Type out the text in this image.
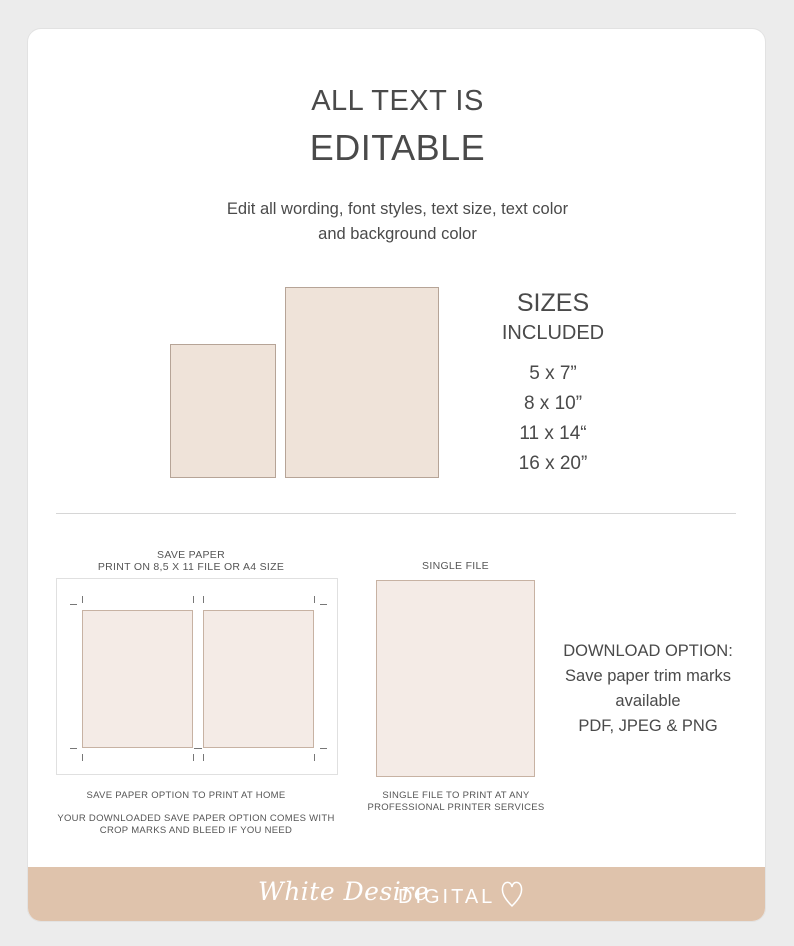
ALL TEXT IS
EDITABLE
Edit all wording, font styles, text size, text color
and background color
SIZES
INCLUDED
5 x 7”
8 x 10”
11 x 14“
16 x 20”
SAVE PAPER
PRINT ON 8,5 X 11 FILE OR A4 SIZE
SAVE PAPER OPTION TO PRINT AT HOME
YOUR DOWNLOADED SAVE PAPER OPTION COMES WITH
CROP MARKS AND BLEED IF YOU NEED
SINGLE FILE
SINGLE FILE TO PRINT AT ANY
PROFESSIONAL PRINTER SERVICES
DOWNLOAD OPTION:
Save paper trim marks
available
PDF, JPEG & PNG
White Desire
DIGITAL
